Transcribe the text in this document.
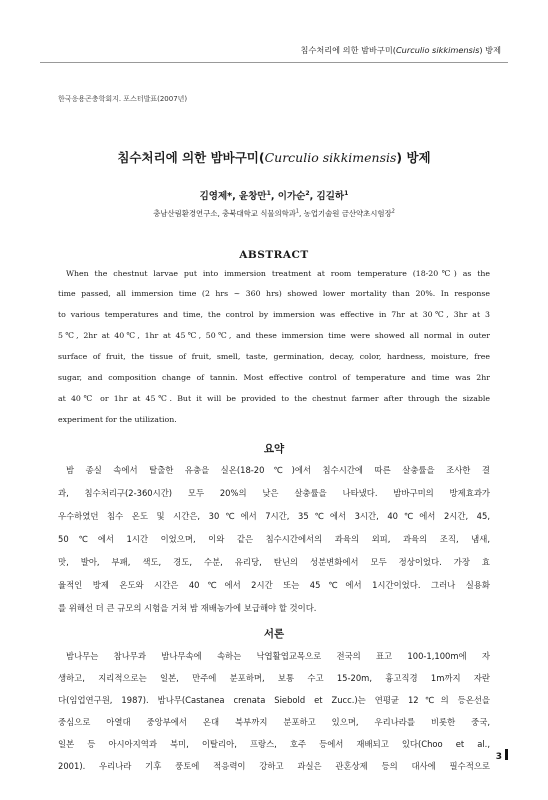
침수처리에 의한 밤바구미(Curculio sikkimensis) 방제
한국응용곤충학회지. 포스터발표(2007년)
침수처리에 의한 밤바구미(Curculio sikkimensis) 방제
김영제*, 윤창만$^1$, 이가순$^2$, 김길하$^1$
충남산림환경연구소, 충북대학교 식물의학과$^1$, 농업기술원 금산약초시험장$^2$
ABSTRACT
When the chestnut larvae put into immersion treatment at room temperature (18-20℃) as the
time passed, all immersion time (2 hrs ~ 360 hrs) showed lower mortality than 20%. In response
to various temperatures and time, the control by immersion was effective in 7hr at 30℃, 3hr at 3
5℃, 2hr at 40℃, 1hr at 45℃, 50℃, and these immersion time were showed all normal in outer
surface of fruit, the tissue of fruit, smell, taste, germination, decay, color, hardness, moisture, free
sugar, and composition change of tannin. Most effective control of temperature and time was 2hr
at 40℃ or 1hr at 45℃. But it will be provided to the chestnut farmer after through the sizable
experiment for the utilization.
요약
밤 종실 속에서 탈출한 유충을 실온(18-20℃)에서 침수시간에 따른 살충률을 조사한 결
과, 침수처리구(2-360시간) 모두 20%의 낮은 살충률을 나타냈다. 밤바구미의 방제효과가
우수하였던 침수 온도 및 시간은, 30℃에서 7시간, 35℃에서 3시간, 40℃에서 2시간, 45,
50℃에서 1시간 이었으며, 이와 같은 침수시간에서의 과육의 외피, 과육의 조직, 냄새,
맛, 발아, 부패, 색도, 경도, 수분, 유리당, 탄닌의 성분변화에서 모두 정상이었다. 가장 효
율적인 방제 온도와 시간은 40℃에서 2시간 또는 45℃에서 1시간이었다. 그러나 실용화
를 위해선 더 큰 규모의 시험을 거쳐 밤 재배농가에 보급해야 할 것이다.
서론
밤나무는 참나무과 밤나무속에 속하는 낙엽활엽교목으로 전국의 표고 100-1,100m에 자
생하고, 지리적으로는 일본, 만주에 분포하며, 보통 수고 15-20m, 흉고직경 1m까지 자란
다(임업연구원, 1987). 밤나무(Castanea crenata Siebold et Zucc.)는 연평균 12℃의 등온선을
중심으로 아열대 중앙부에서 온대 북부까지 분포하고 있으며, 우리나라를 비롯한 중국,
일본 등 아시아지역과 북미, 이탈리아, 프랑스, 호주 등에서 재배되고 있다(Choo et al.,
2001). 우리나라 기후 풍토에 적응력이 강하고 과실은 관혼상제 등의 대사에 필수적으로
3
